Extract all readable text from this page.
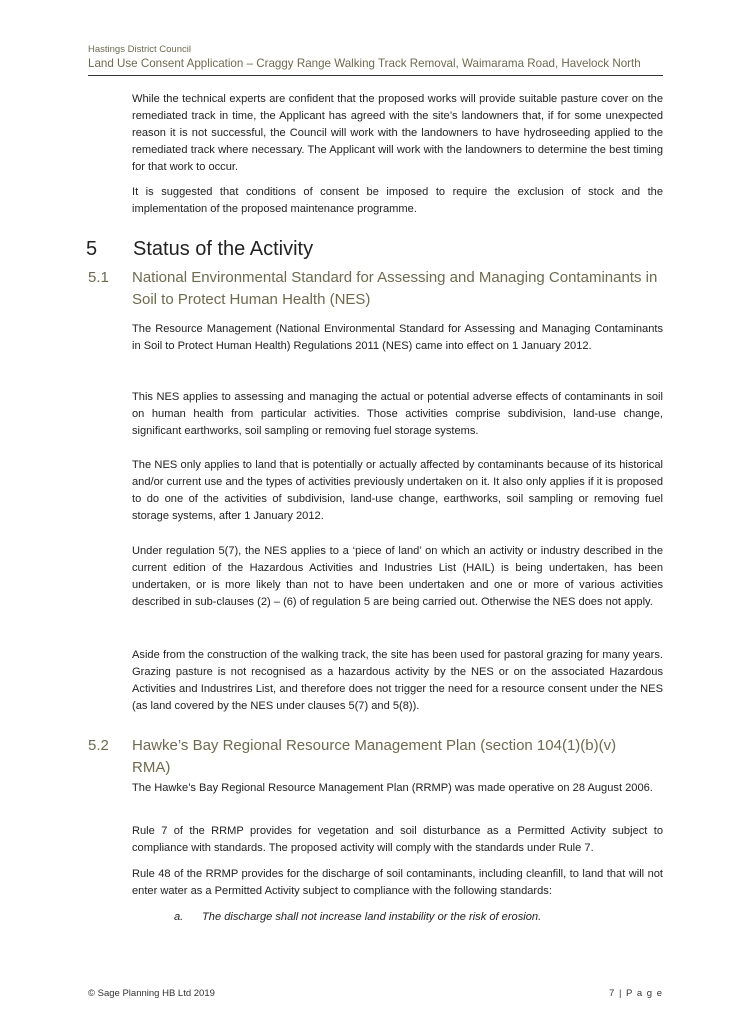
Hastings District Council
Land Use Consent Application – Craggy Range Walking Track Removal, Waimarama Road, Havelock North

While the technical experts are confident that the proposed works will provide suitable pasture cover on the remediated track in time, the Applicant has agreed with the site’s landowners that, if for some unexpected reason it is not successful, the Council will work with the landowners to have hydroseeding applied to the remediated track where necessary. The Applicant will work with the landowners to determine the best timing for that work to occur.

It is suggested that conditions of consent be imposed to require the exclusion of stock and the implementation of the proposed maintenance programme.

5 Status of the Activity
5.1 National Environmental Standard for Assessing and Managing Contaminants in Soil to Protect Human Health (NES)

The Resource Management (National Environmental Standard for Assessing and Managing Contaminants in Soil to Protect Human Health) Regulations 2011 (NES) came into effect on 1 January 2012.

This NES applies to assessing and managing the actual or potential adverse effects of contaminants in soil on human health from particular activities. Those activities comprise subdivision, land-use change, significant earthworks, soil sampling or removing fuel storage systems.

The NES only applies to land that is potentially or actually affected by contaminants because of its historical and/or current use and the types of activities previously undertaken on it. It also only applies if it is proposed to do one of the activities of subdivision, land-use change, earthworks, soil sampling or removing fuel storage systems, after 1 January 2012.

Under regulation 5(7), the NES applies to a ‘piece of land’ on which an activity or industry described in the current edition of the Hazardous Activities and Industries List (HAIL) is being undertaken, has been undertaken, or is more likely than not to have been undertaken and one or more of various activities described in sub-clauses (2) – (6) of regulation 5 are being carried out. Otherwise the NES does not apply.

Aside from the construction of the walking track, the site has been used for pastoral grazing for many years. Grazing pasture is not recognised as a hazardous activity by the NES or on the associated Hazardous Activities and Industrires List, and therefore does not trigger the need for a resource consent under the NES (as land covered by the NES under clauses 5(7) and 5(8)).

5.2 Hawke’s Bay Regional Resource Management Plan (section 104(1)(b)(v) RMA)

The Hawke’s Bay Regional Resource Management Plan (RRMP) was made operative on 28 August 2006.

Rule 7 of the RRMP provides for vegetation and soil disturbance as a Permitted Activity subject to compliance with standards. The proposed activity will comply with the standards under Rule 7.

Rule 48 of the RRMP provides for the discharge of soil contaminants, including cleanfill, to land that will not enter water as a Permitted Activity subject to compliance with the following standards:

a. The discharge shall not increase land instability or the risk of erosion.
© Sage Planning HB Ltd 2019	7 | P a g e
